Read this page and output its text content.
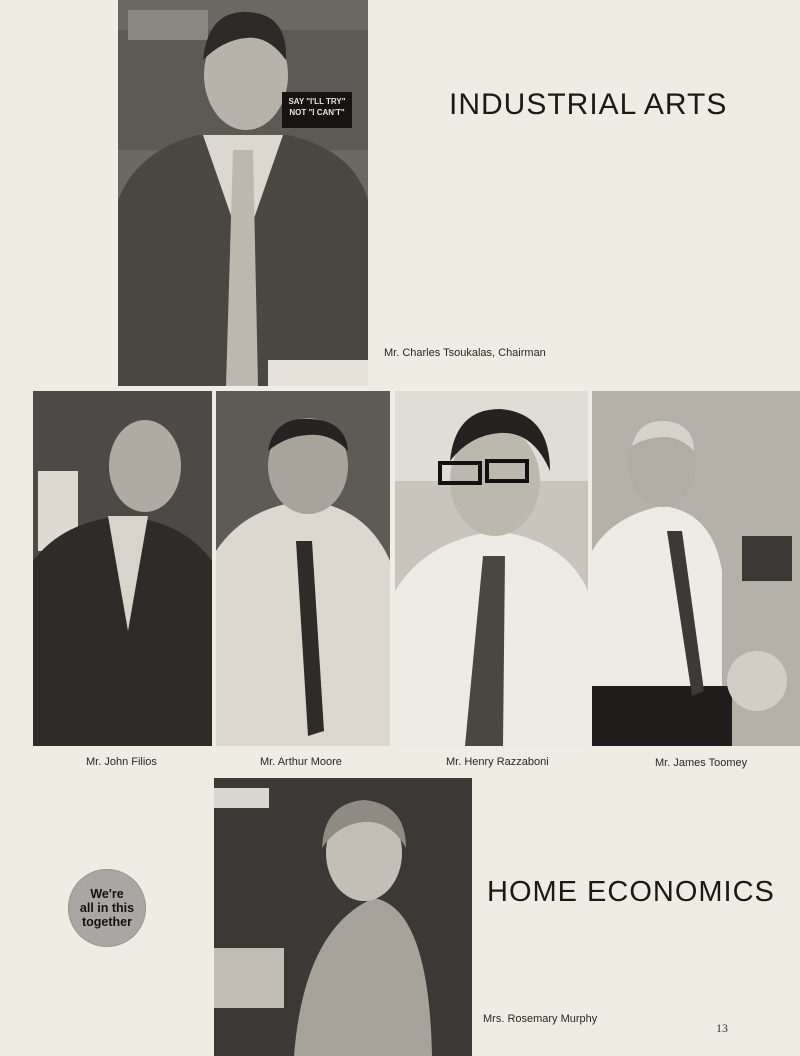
SAY "I'LL TRY"
NOT "I CAN'T"	INDUSTRIAL ARTS
Mr. Charles Tsoukalas, Chairman
Mr. John Filios	Mr. Arthur Moore	Mr. Henry Razzaboni	Mr. James Toomey
We're
all in this
together
HOME ECONOMICS
Mrs. Rosemary Murphy
13
